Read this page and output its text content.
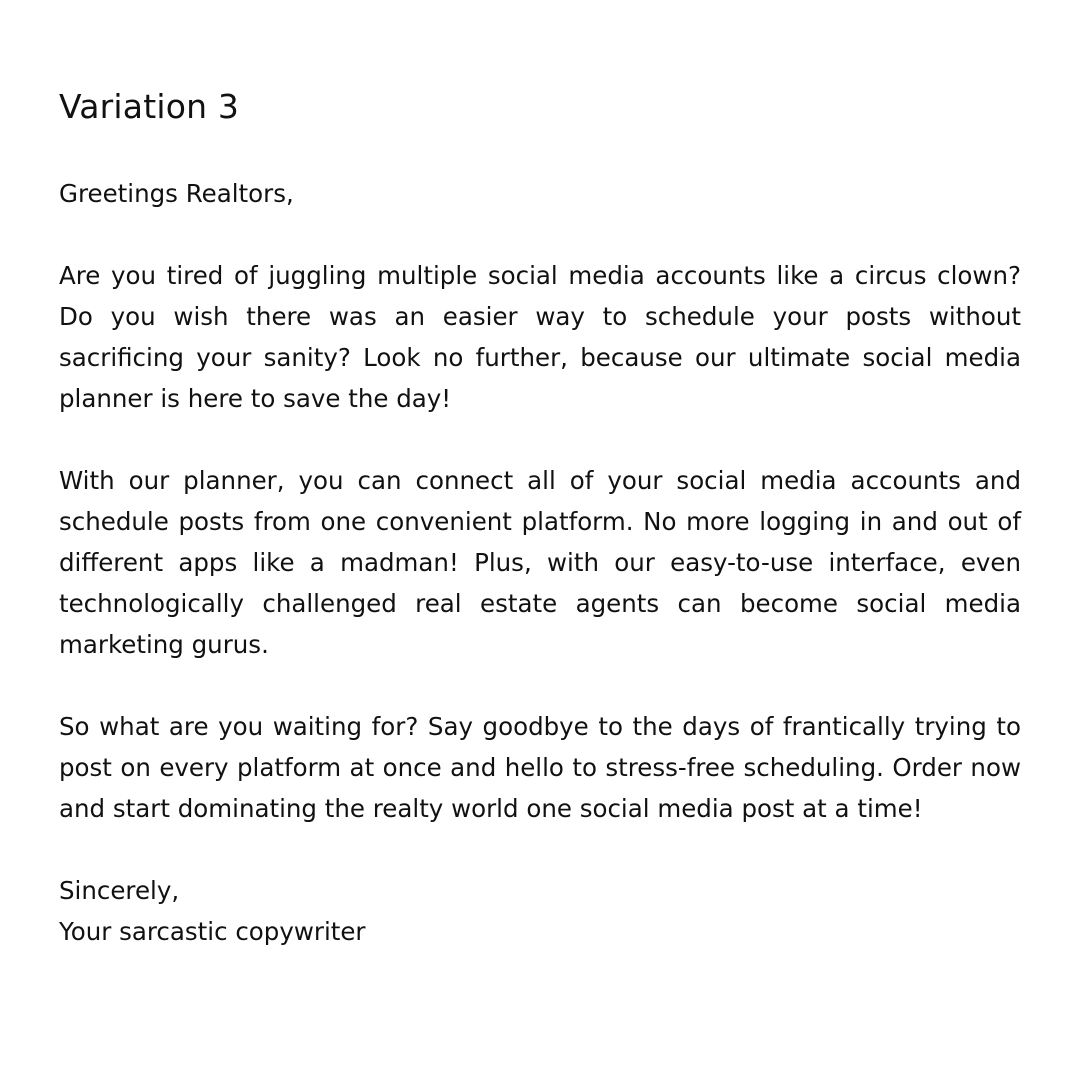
Variation 3

Greetings Realtors,

Are you tired of juggling multiple social media accounts like a circus clown? Do you wish there was an easier way to schedule your posts without sacrificing your sanity? Look no further, because our ultimate social media planner is here to save the day!

With our planner, you can connect all of your social media accounts and schedule posts from one convenient platform. No more logging in and out of different apps like a madman! Plus, with our easy-to-use interface, even technologically challenged real estate agents can become social media marketing gurus.

So what are you waiting for? Say goodbye to the days of frantically trying to post on every platform at once and hello to stress-free scheduling. Order now and start dominating the realty world one social media post at a time!

Sincerely,
Your sarcastic copywriter
